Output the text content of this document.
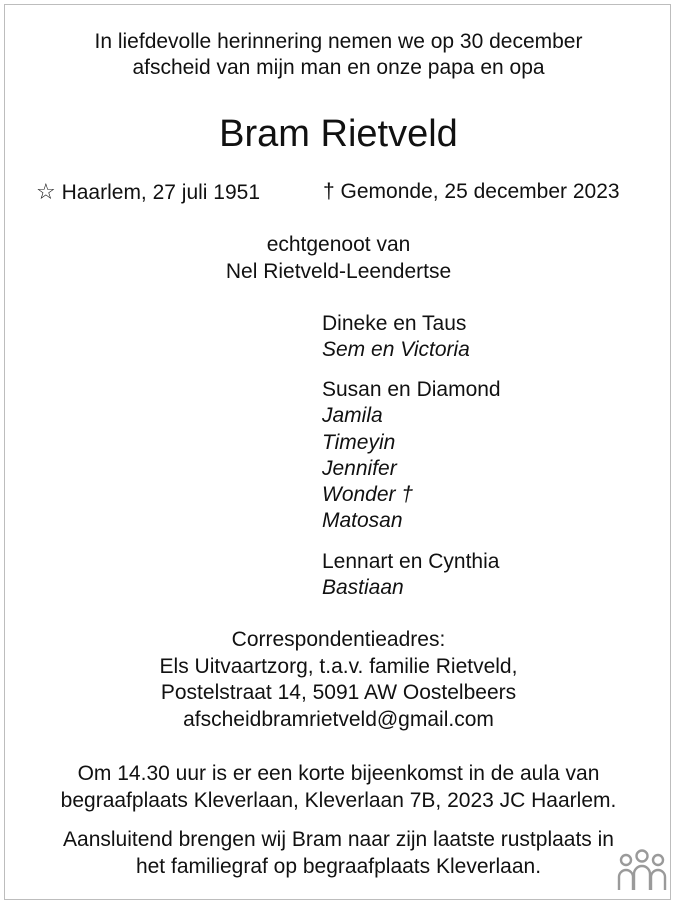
In liefdevolle herinnering nemen we op 30 december
afscheid van mijn man en onze papa en opa
Bram Rietveld
☆ Haarlem, 27 juli 1951	† Gemonde, 25 december 2023
echtgenoot van
Nel Rietveld-Leendertse
Dineke en Taus
Sem en Victoria
Susan en Diamond
Jamila
Timeyin
Jennifer
Wonder †
Matosan
Lennart en Cynthia
Bastiaan
Correspondentieadres:
Els Uitvaartzorg, t.a.v. familie Rietveld,
Postelstraat 14, 5091 AW Oostelbeers
afscheidbramrietveld@gmail.com
Om 14.30 uur is er een korte bijeenkomst in de aula van
begraafplaats Kleverlaan, Kleverlaan 7B, 2023 JC Haarlem.
Aansluitend brengen wij Bram naar zijn laatste rustplaats in
het familiegraf op begraafplaats Kleverlaan.
